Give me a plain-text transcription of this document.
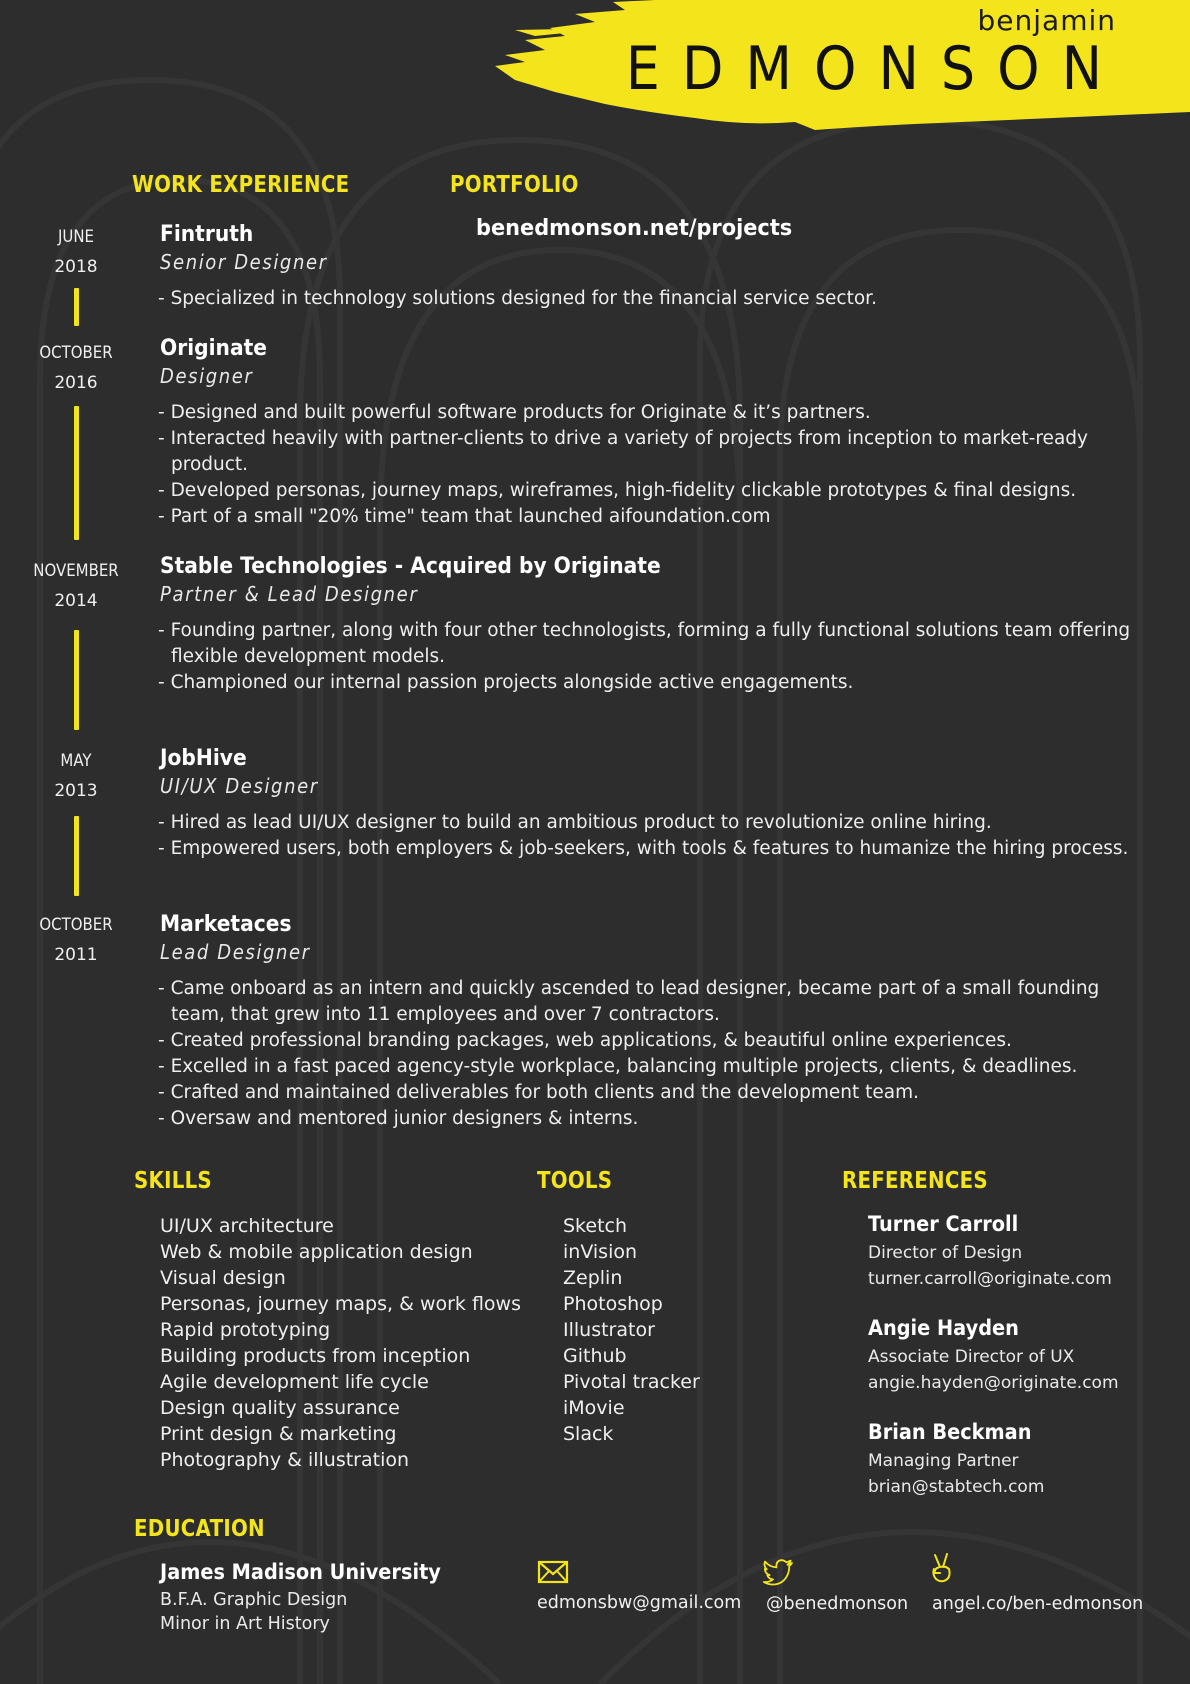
benjamin
EDMONSON
WORK EXPERIENCE	PORTFOLIO
benedmonson.net/projects
JUNE
2018
Fintruth
Senior Designer
- Specialized in technology solutions designed for the financial service sector.
OCTOBER
2016
Originate
Designer
- Designed and built powerful software products for Originate & it’s partners.
- Interacted heavily with partner-clients to drive a variety of projects from inception to market-ready product.
- Developed personas, journey maps, wireframes, high-fidelity clickable prototypes & final designs.
- Part of a small "20% time" team that launched aifoundation.com
NOVEMBER
2014
Stable Technologies - Acquired by Originate
Partner & Lead Designer
- Founding partner, along with four other technologists, forming a fully functional solutions team offering flexible development models.
- Championed our internal passion projects alongside active engagements.
MAY
2013
JobHive
UI/UX Designer
- Hired as lead UI/UX designer to build an ambitious product to revolutionize online hiring.
- Empowered users, both employers & job-seekers, with tools & features to humanize the hiring process.
OCTOBER
2011
Marketaces
Lead Designer
- Came onboard as an intern and quickly ascended to lead designer, became part of a small founding team, that grew into 11 employees and over 7 contractors.
- Created professional branding packages, web applications, & beautiful online experiences.
- Excelled in a fast paced agency-style workplace, balancing multiple projects, clients, & deadlines.
- Crafted and maintained deliverables for both clients and the development team.
- Oversaw and mentored junior designers & interns.
SKILLS
UI/UX architecture
Web & mobile application design
Visual design
Personas, journey maps, & work flows
Rapid prototyping
Building products from inception
Agile development life cycle
Design quality assurance
Print design & marketing
Photography & illustration
TOOLS
Sketch
inVision
Zeplin
Photoshop
Illustrator
Github
Pivotal tracker
iMovie
Slack
REFERENCES
Turner Carroll
Director of Design
turner.carroll@originate.com
Angie Hayden
Associate Director of UX
angie.hayden@originate.com
Brian Beckman
Managing Partner
brian@stabtech.com
EDUCATION
James Madison University
B.F.A. Graphic Design
Minor in Art History
edmonsbw@gmail.com @benedmonson angel.co/ben-edmonson
